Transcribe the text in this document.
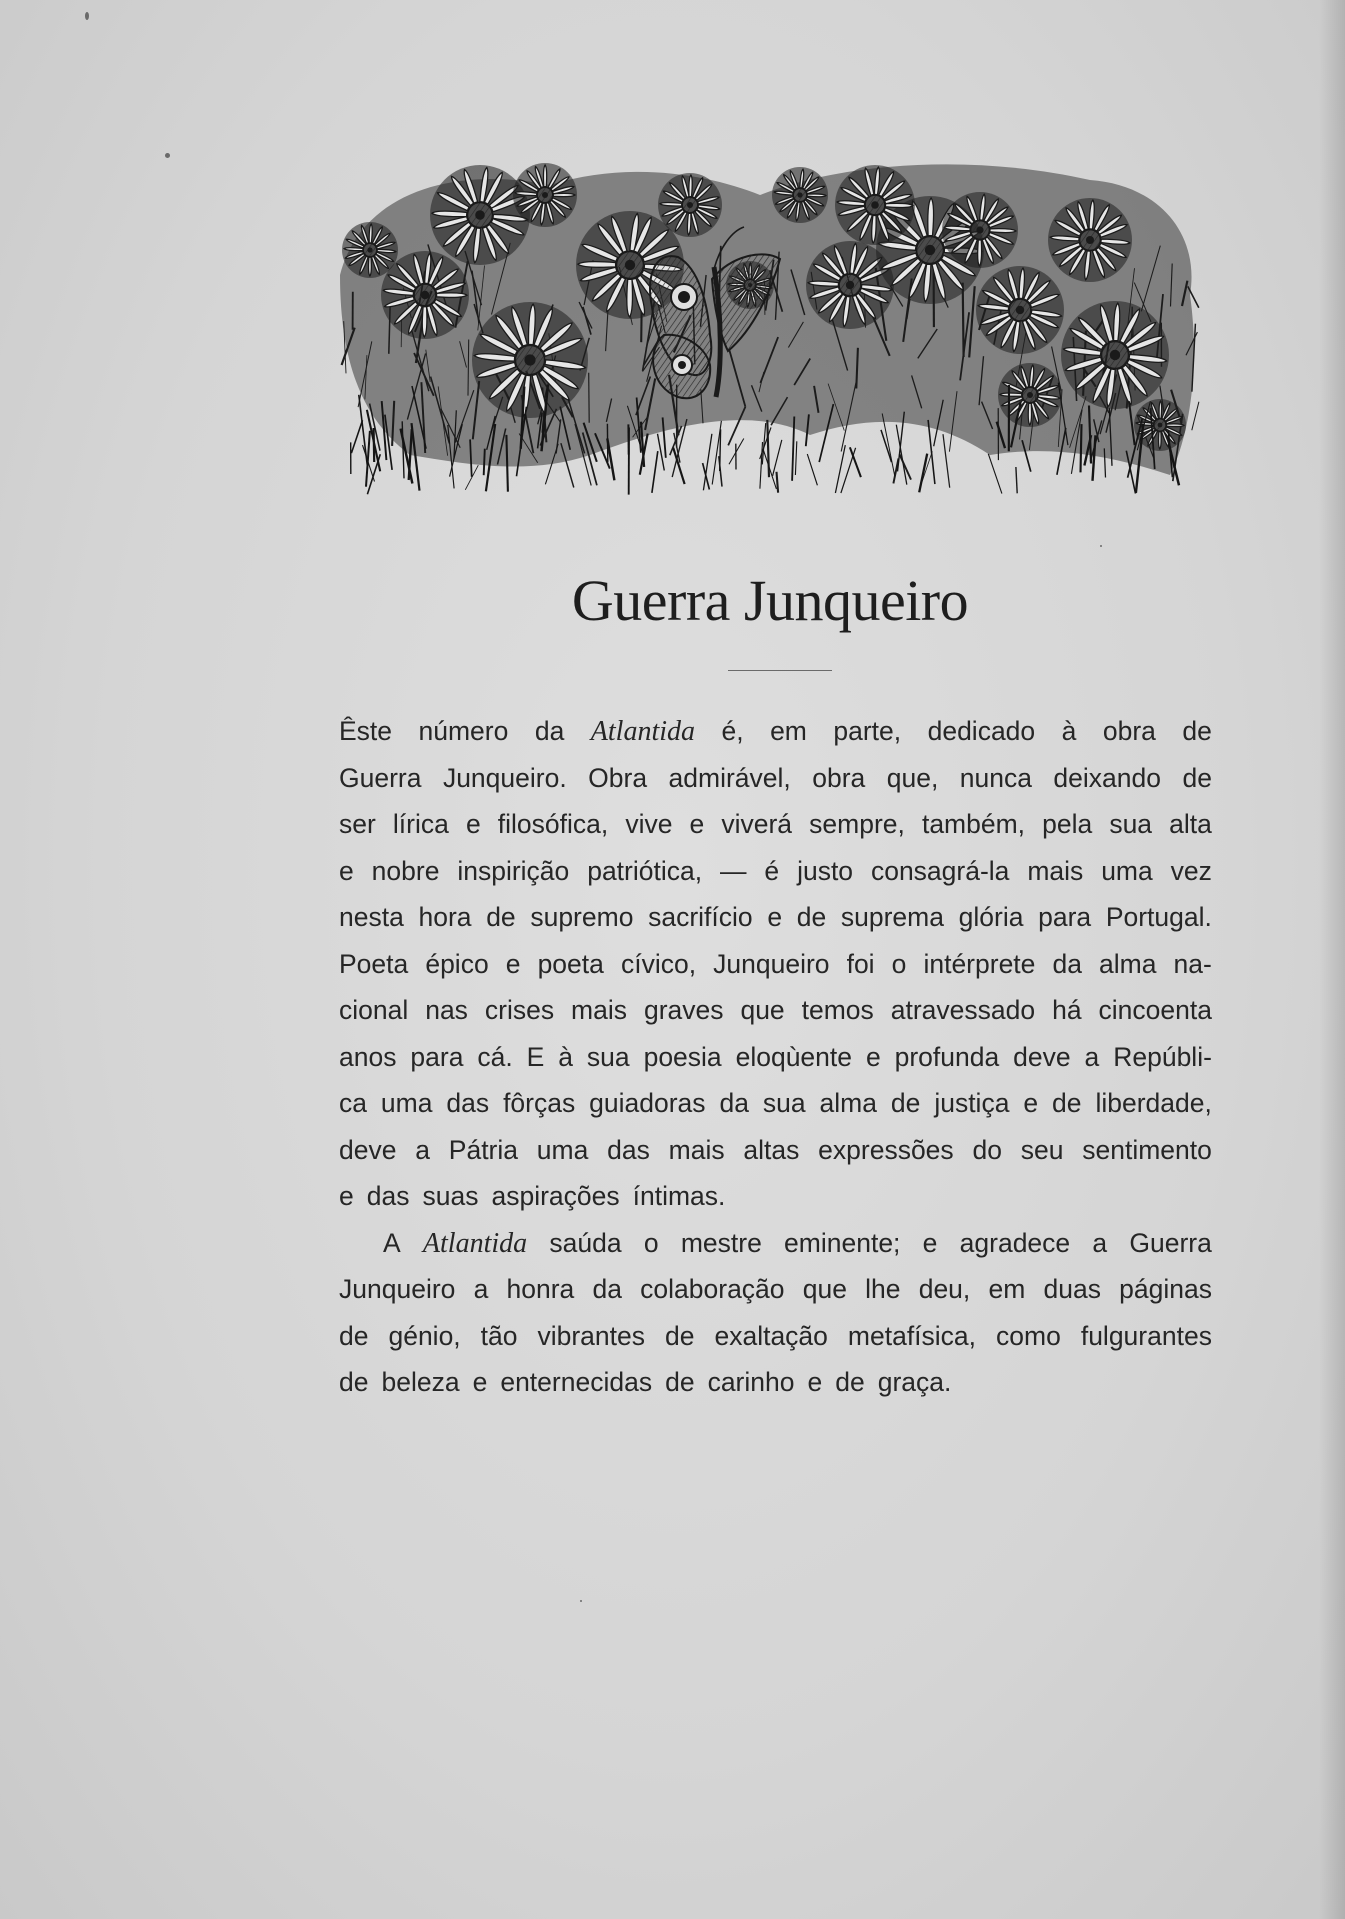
Guerra Junqueiro
Êste número da Atlantida é, em parte, dedicado à obra de
Guerra Junqueiro. Obra admirável, obra que, nunca deixando de
ser lírica e filosófica, vive e viverá sempre, também, pela sua alta
e nobre inspirição patriótica, — é justo consagrá-la mais uma vez
nesta hora de supremo sacrifício e de suprema glória para Portugal.
Poeta épico e poeta cívico, Junqueiro foi o intérprete da alma na-
cional nas crises mais graves que temos atravessado há cincoenta
anos para cá. E à sua poesia eloqùente e profunda deve a Repúbli-
ca uma das fôrças guiadoras da sua alma de justiça e de liberdade,
deve a Pátria uma das mais altas expressões do seu sentimento
e das suas aspirações íntimas.
A Atlantida saúda o mestre eminente; e agradece a Guerra
Junqueiro a honra da colaboração que lhe deu, em duas páginas
de génio, tão vibrantes de exaltação metafísica, como fulgurantes
de beleza e enternecidas de carinho e de graça.
